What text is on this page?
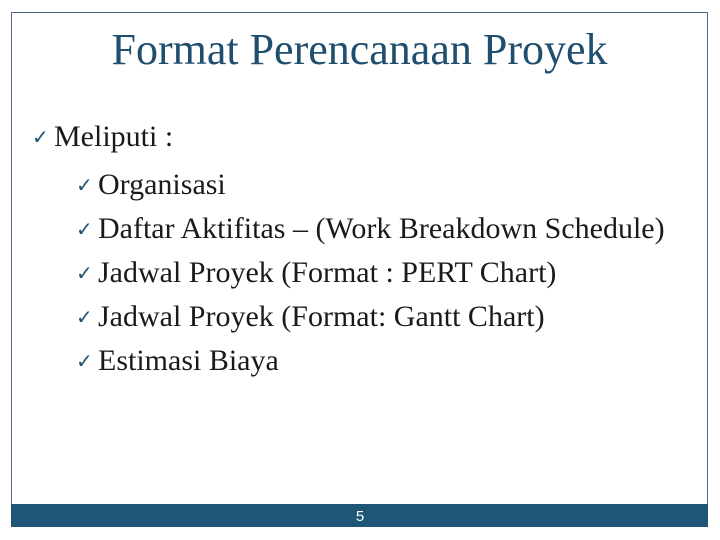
Format Perencanaan Proyek
✓ Meliputi :
✓ Organisasi
✓ Daftar Aktifitas – (Work Breakdown Schedule)
✓ Jadwal Proyek (Format : PERT Chart)
✓ Jadwal Proyek (Format: Gantt Chart)
✓ Estimasi Biaya
5
